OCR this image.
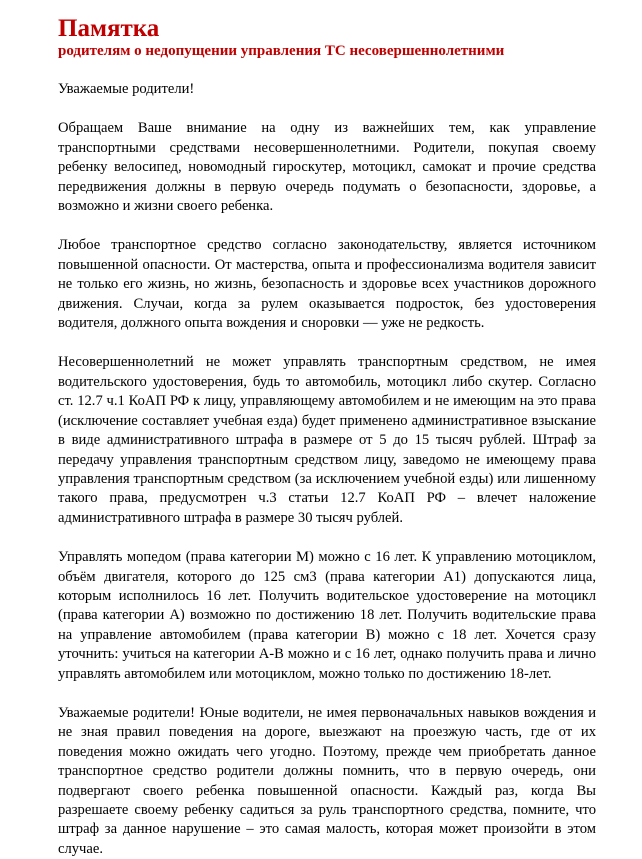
Памятка
родителям о недопущении управления ТС несовершеннолетними

Уважаемые родители!

Обращаем Ваше внимание на одну из важнейших тем, как управление транспортными средствами несовершеннолетними. Родители, покупая своему ребенку велосипед, новомодный гироскутер, мотоцикл, самокат и прочие средства передвижения должны в первую очередь подумать о безопасности, здоровье, а возможно и жизни своего ребенка.

Любое транспортное средство согласно законодательству, является источником повышенной опасности. От мастерства, опыта и профессионализма водителя зависит не только его жизнь, но жизнь, безопасность и здоровье всех участников дорожного движения. Случаи, когда за рулем оказывается подросток, без удостоверения водителя, должного опыта вождения и сноровки — уже не редкость.

Несовершеннолетний не может управлять транспортным средством, не имея водительского удостоверения, будь то автомобиль, мотоцикл либо скутер. Согласно ст. 12.7 ч.1 КоАП РФ к лицу, управляющему автомобилем и не имеющим на это права (исключение составляет учебная езда) будет применено административное взыскание в виде административного штрафа в размере от 5 до 15 тысяч рублей. Штраф за передачу управления транспортным средством лицу, заведомо не имеющему права управления транспортным средством (за исключением учебной езды) или лишенному такого права, предусмотрен ч.3 статьи 12.7 КоАП РФ – влечет наложение административного штрафа в размере 30 тысяч рублей.

Управлять мопедом (права категории М) можно с 16 лет. К управлению мотоциклом, объём двигателя, которого до 125 см3 (права категории А1) допускаются лица, которым исполнилось 16 лет. Получить водительское удостоверение на мотоцикл (права категории А) возможно по достижению 18 лет. Получить водительские права на управление автомобилем (права категории В) можно с 18 лет. Хочется сразу уточнить: учиться на категории А-В можно и с 16 лет, однако получить права и лично управлять автомобилем или мотоциклом, можно только по достижению 18-лет.

Уважаемые родители! Юные водители, не имея первоначальных навыков вождения и не зная правил поведения на дороге, выезжают на проезжую часть, где от их поведения можно ожидать чего угодно. Поэтому, прежде чем приобретать данное транспортное средство родители должны помнить, что в первую очередь, они подвергают своего ребенка повышенной опасности. Каждый раз, когда Вы разрешаете своему ребенку садиться за руль транспортного средства, помните, что штраф за данное нарушение – это самая малость, которая может произойти в этом случае.
